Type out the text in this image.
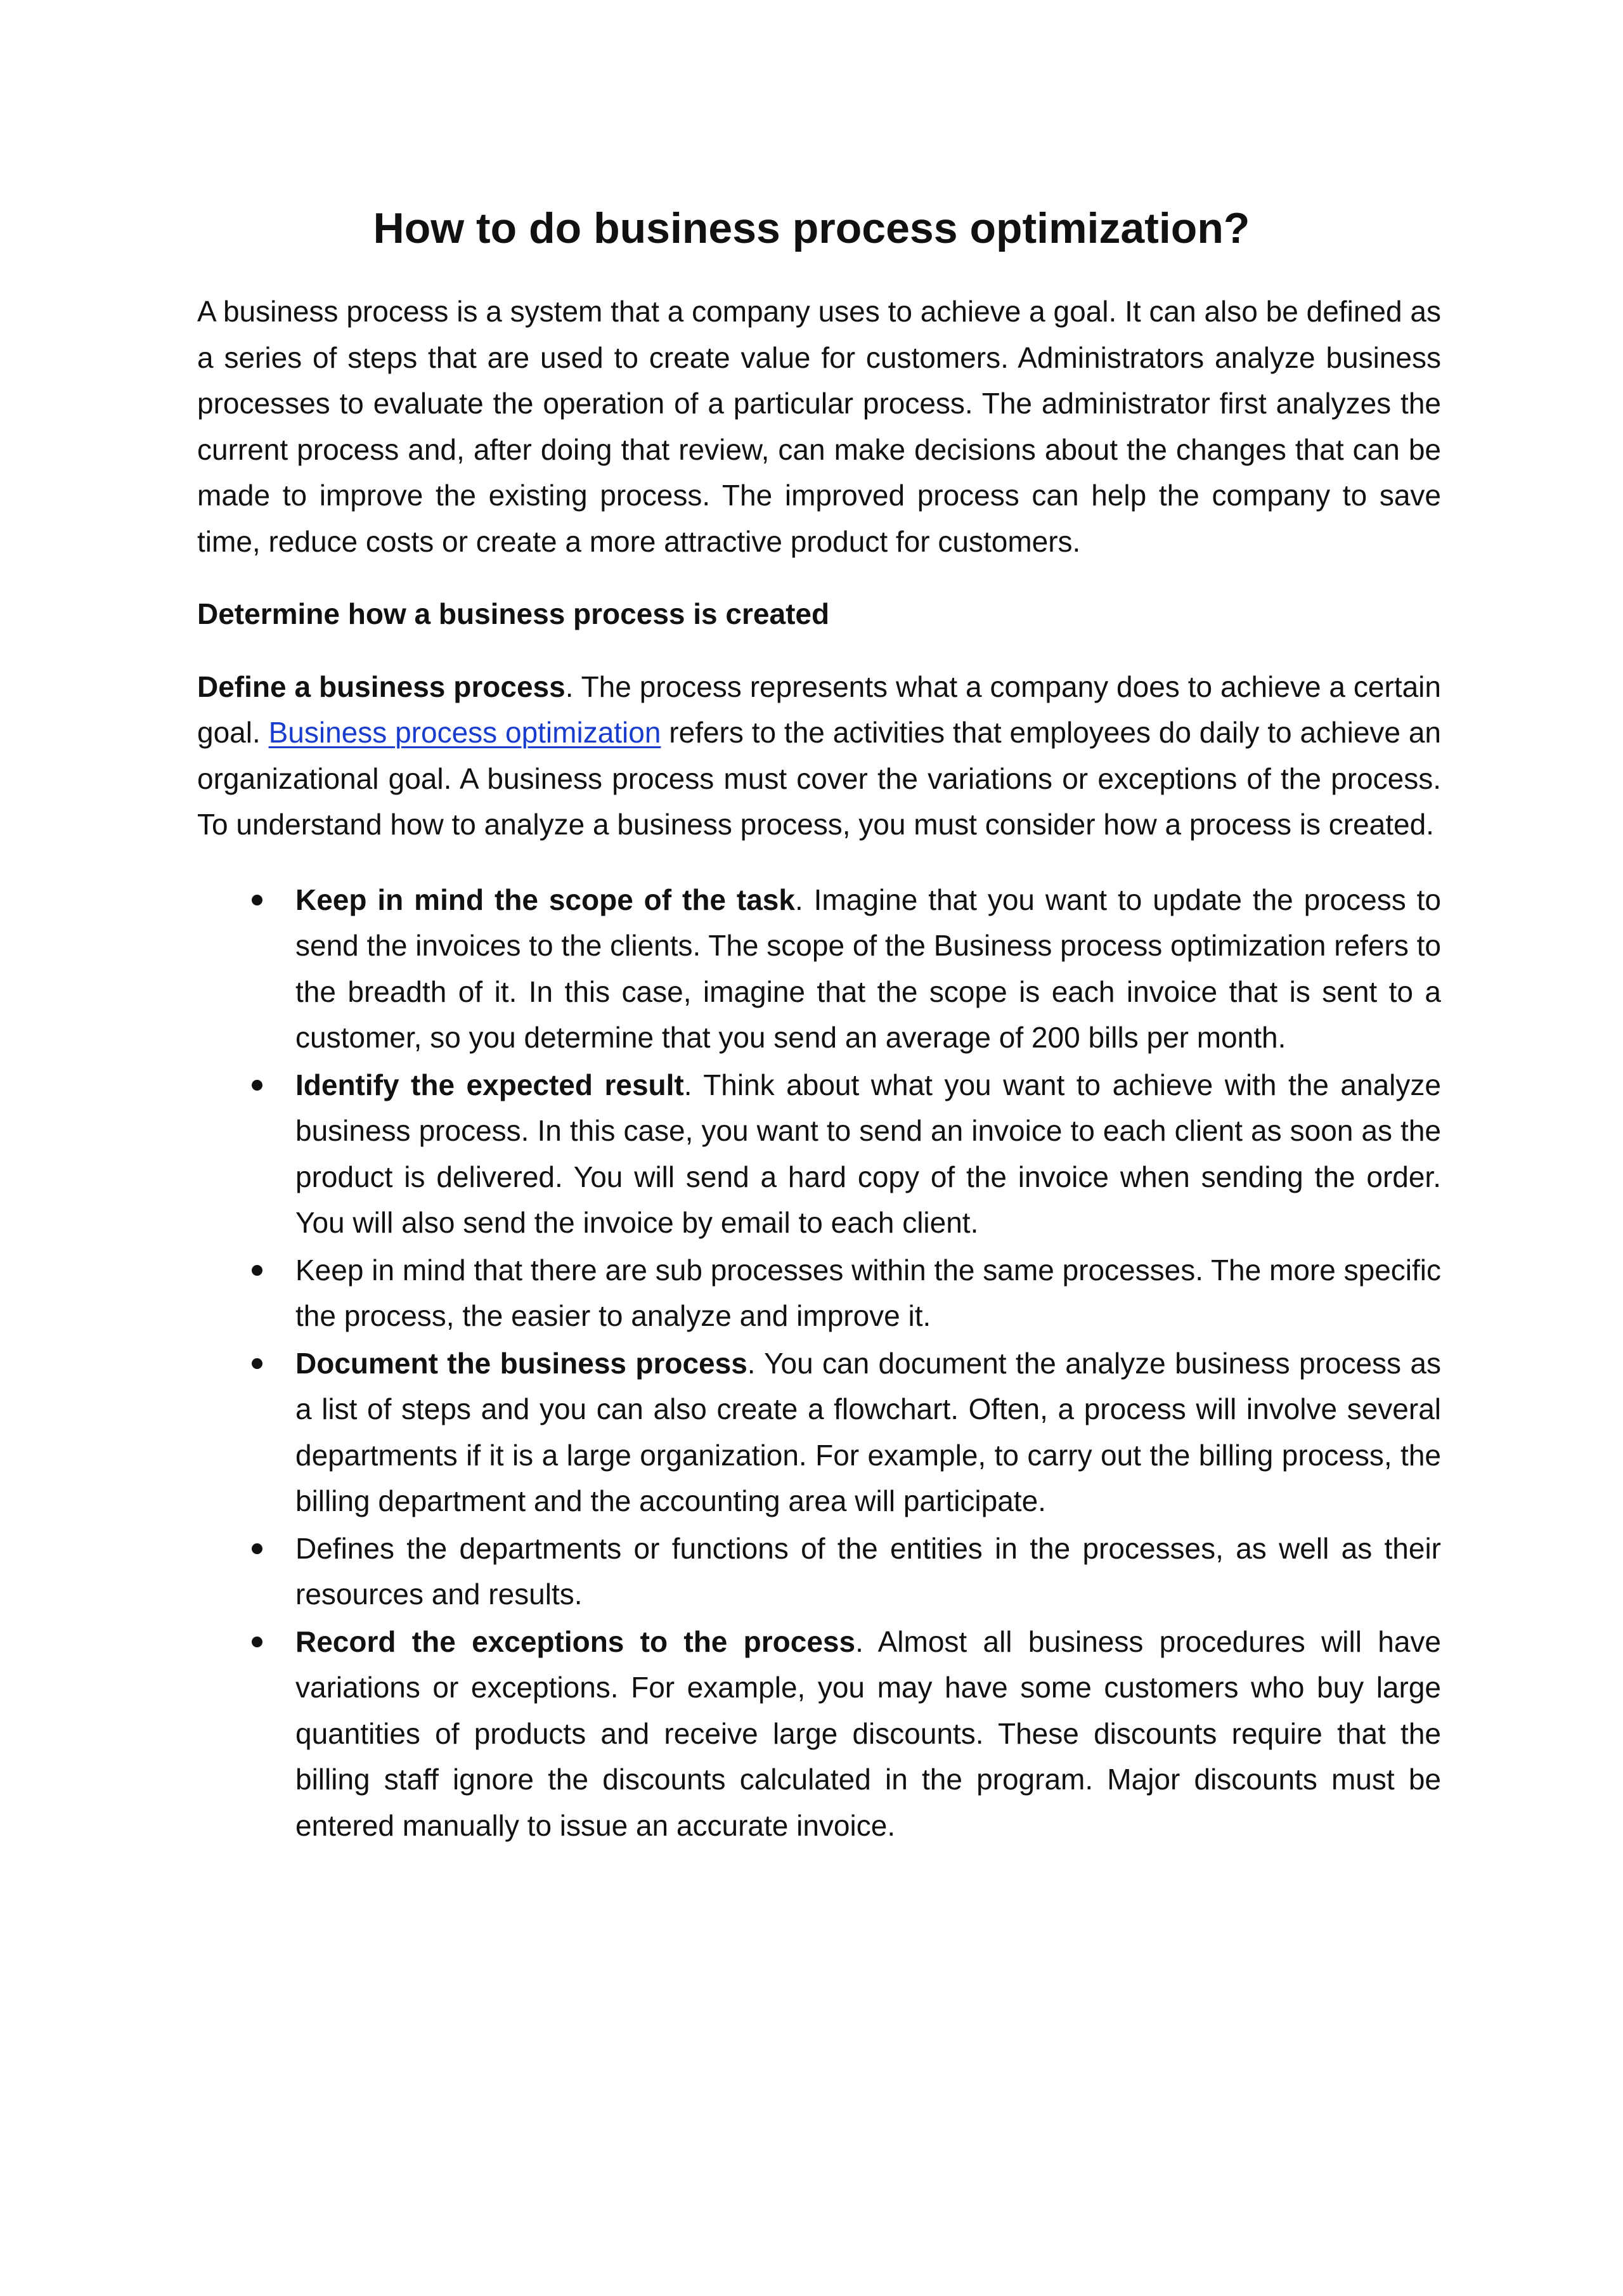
How to do business process optimization?

A business process is a system that a company uses to achieve a goal. It can also be defined as a series of steps that are used to create value for customers. Administrators analyze business processes to evaluate the operation of a particular process. The administrator first analyzes the current process and, after doing that review, can make decisions about the changes that can be made to improve the existing process. The improved process can help the company to save time, reduce costs or create a more attractive product for customers.

Determine how a business process is created

Define a business process. The process represents what a company does to achieve a certain goal. Business process optimization refers to the activities that employees do daily to achieve an organizational goal. A business process must cover the variations or exceptions of the process. To understand how to analyze a business process, you must consider how a process is created.

Keep in mind the scope of the task. Imagine that you want to update the process to send the invoices to the clients. The scope of the Business process optimization refers to the breadth of it. In this case, imagine that the scope is each invoice that is sent to a customer, so you determine that you send an average of 200 bills per month.
Identify the expected result. Think about what you want to achieve with the analyze business process. In this case, you want to send an invoice to each client as soon as the product is delivered. You will send a hard copy of the invoice when sending the order. You will also send the invoice by email to each client.
Keep in mind that there are sub processes within the same processes. The more specific the process, the easier to analyze and improve it.
Document the business process. You can document the analyze business process as a list of steps and you can also create a flowchart. Often, a process will involve several departments if it is a large organization. For example, to carry out the billing process, the billing department and the accounting area will participate.
Defines the departments or functions of the entities in the processes, as well as their resources and results.
Record the exceptions to the process. Almost all business procedures will have variations or exceptions. For example, you may have some customers who buy large quantities of products and receive large discounts. These discounts require that the billing staff ignore the discounts calculated in the program. Major discounts must be entered manually to issue an accurate invoice.
